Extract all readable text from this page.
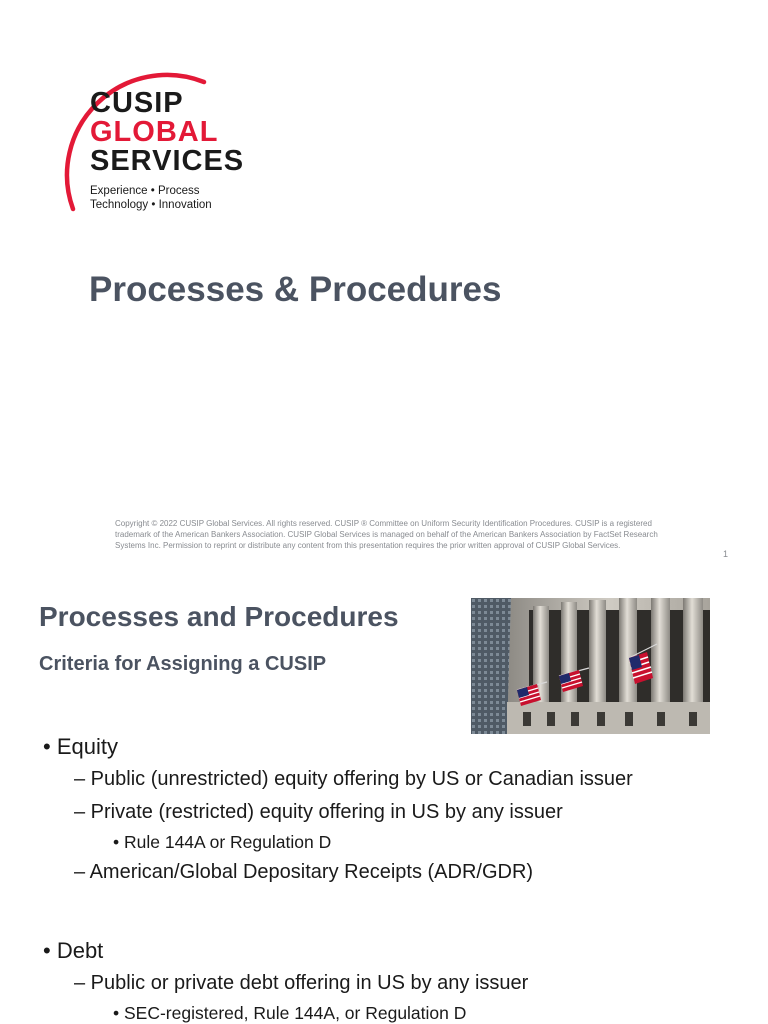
CUSIP
GLOBAL
SERVICES
Experience • Process
Technology • Innovation
Processes & Procedures
Copyright © 2022 CUSIP Global Services. All rights reserved. CUSIP ® Committee on Uniform Security Identification Procedures. CUSIP is a registered trademark of the American Bankers Association. CUSIP Global Services is managed on behalf of the American Bankers Association by FactSet Research Systems Inc. Permission to reprint or distribute any content from this presentation requires the prior written approval of CUSIP Global Services.
1
Processes and Procedures
Criteria for Assigning a CUSIP
• Equity
– Public (unrestricted) equity offering by US or Canadian issuer
– Private (restricted) equity offering in US by any issuer
• Rule 144A or Regulation D
– American/Global Depositary Receipts (ADR/GDR)
• Debt
– Public or private debt offering in US by any issuer
• SEC-registered, Rule 144A, or Regulation D
